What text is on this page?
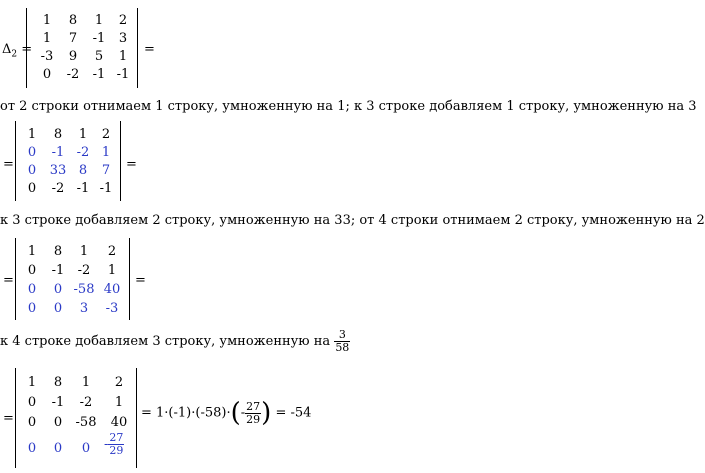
$\Delta_2$ =
1	8	1	2
1	7	-1	3
-3	9	5	1
0	-2	-1 -1
=
от 2 строки отнимаем 1 строку, умноженную на 1; к 3 строке добавляем 1 строку, умноженную на 3
=
1	8	1	2
0	-1 -2 1
0	33 8	7
0	-2 -1 -1
=
к 3 строке добавляем 2 строку, умноженную на 33; от 4 строки отнимаем 2 строку, умноженную на 2
=
1	8	1	2
0	-1	-2	1
0	0 -58 40
0	0	3	-3
=
к 4 строке добавляем 3 строку, умноженную на $\frac{3}{58}$
=
1	8	1	2
0	-1	-2	1
0	0	-58 40
0	0	0	- $\frac{27}{29}$
= $1\cdot(-1)\cdot(-58)\cdot(- \frac{27}{29}$ ) = -54
